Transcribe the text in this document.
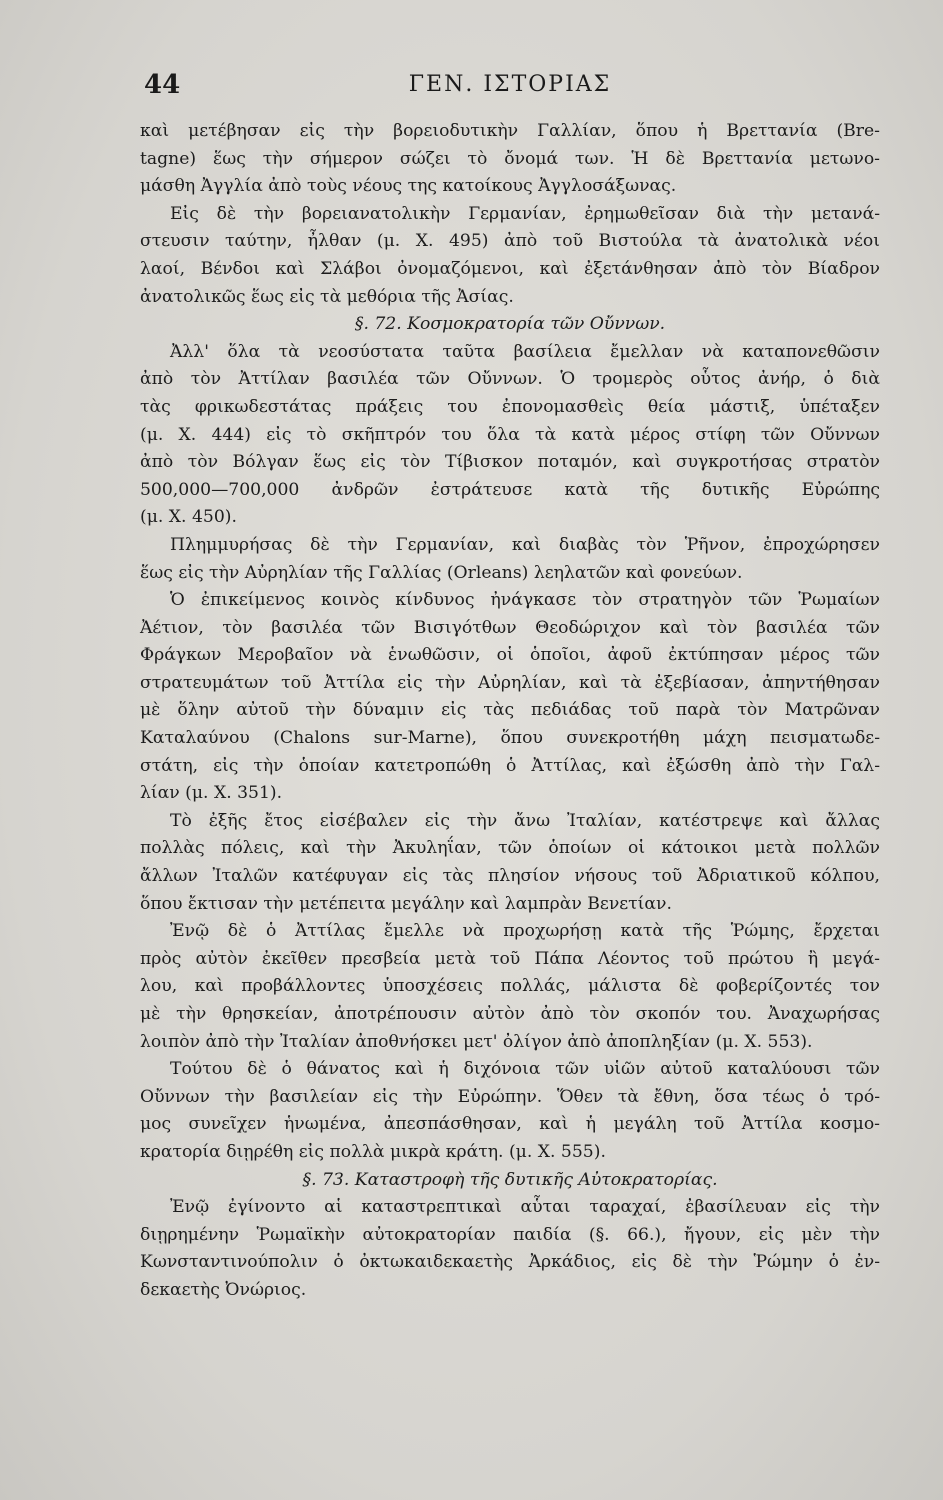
44	ΓΕΝ. ΙΣΤΟΡΙΑΣ
καὶ μετέβησαν εἰς τὴν βορειοδυτικὴν Γαλλίαν, ὅπου ἡ Βρεττανία (Bre-
tagne) ἕως τὴν σήμερον σώζει τὸ ὄνομά των. Ἡ δὲ Βρεττανία μετωνο-
μάσθη Ἀγγλία ἀπὸ τοὺς νέους της κατοίκους Ἀγγλοσάξωνας.
Εἰς δὲ τὴν βορειανατολικὴν Γερμανίαν, ἐρημωθεῖσαν διὰ τὴν μετανά-
στευσιν ταύτην, ἦλθαν (μ. Χ. 495) ἀπὸ τοῦ Βιστούλα τὰ ἀνατολικὰ νέοι
λαοί, Βένδοι καὶ Σλάβοι ὀνομαζόμενοι, καὶ ἐξετάνθησαν ἀπὸ τὸν Βίαδρον
ἀνατολικῶς ἕως εἰς τὰ μεθόρια τῆς Ἀσίας.
§. 72. Κοσμοκρατορία τῶν Οὔννων.
Ἀλλ' ὅλα τὰ νεοσύστατα ταῦτα βασίλεια ἔμελλαν νὰ καταπονεθῶσιν
ἀπὸ τὸν Ἀττίλαν βασιλέα τῶν Οὔννων. Ὁ τρομερὸς οὗτος ἀνήρ, ὁ διὰ
τὰς φρικωδεστάτας πράξεις του ἐπονομασθεὶς θεία μάστιξ, ὑπέταξεν
(μ. Χ. 444) εἰς τὸ σκῆπτρόν του ὅλα τὰ κατὰ μέρος στίφη τῶν Οὔννων
ἀπὸ τὸν Βόλγαν ἕως εἰς τὸν Τίβισκον ποταμόν, καὶ συγκροτήσας στρατὸν
500,000—700,000 ἀνδρῶν ἐστράτευσε κατὰ τῆς δυτικῆς Εὐρώπης
(μ. Χ. 450).
Πλημμυρήσας δὲ τὴν Γερμανίαν, καὶ διαβὰς τὸν Ῥῆνον, ἐπροχώρησεν
ἕως εἰς τὴν Αὐρηλίαν τῆς Γαλλίας (Orleans) λεηλατῶν καὶ φονεύων.
Ὁ ἐπικείμενος κοινὸς κίνδυνος ἠνάγκασε τὸν στρατηγὸν τῶν Ῥωμαίων
Ἀέτιον, τὸν βασιλέα τῶν Βισιγότθων Θεοδώριχον καὶ τὸν βασιλέα τῶν
Φράγκων Μεροβαῖον νὰ ἑνωθῶσιν, οἱ ὁποῖοι, ἀφοῦ ἐκτύπησαν μέρος τῶν
στρατευμάτων τοῦ Ἀττίλα εἰς τὴν Αὐρηλίαν, καὶ τὰ ἐξεβίασαν, ἀπηντήθησαν
μὲ ὅλην αὐτοῦ τὴν δύναμιν εἰς τὰς πεδιάδας τοῦ παρὰ τὸν Ματρῶναν
Καταλαύνου (Chalons sur-Marne), ὅπου συνεκροτήθη μάχη πεισματωδε-
στάτη, εἰς τὴν ὁποίαν κατετροπώθη ὁ Ἀττίλας, καὶ ἐξώσθη ἀπὸ τὴν Γαλ-
λίαν (μ. Χ. 351).
Τὸ ἐξῆς ἔτος εἰσέβαλεν εἰς τὴν ἄνω Ἰταλίαν, κατέστρεψε καὶ ἄλλας
πολλὰς πόλεις, καὶ τὴν Ἀκυληΐαν, τῶν ὁποίων οἱ κάτοικοι μετὰ πολλῶν
ἄλλων Ἰταλῶν κατέφυγαν εἰς τὰς πλησίον νήσους τοῦ Ἀδριατικοῦ κόλπου,
ὅπου ἔκτισαν τὴν μετέπειτα μεγάλην καὶ λαμπρὰν Βενετίαν.
Ἐνῷ δὲ ὁ Ἀττίλας ἔμελλε νὰ προχωρήσῃ κατὰ τῆς Ῥώμης, ἔρχεται
πρὸς αὐτὸν ἐκεῖθεν πρεσβεία μετὰ τοῦ Πάπα Λέοντος τοῦ πρώτου ἢ μεγά-
λου, καὶ προβάλλοντες ὑποσχέσεις πολλάς, μάλιστα δὲ φοβερίζοντές τον
μὲ τὴν θρησκείαν, ἀποτρέπουσιν αὐτὸν ἀπὸ τὸν σκοπόν του. Ἀναχωρήσας
λοιπὸν ἀπὸ τὴν Ἰταλίαν ἀποθνήσκει μετ' ὀλίγον ἀπὸ ἀποπληξίαν (μ. Χ. 553).
Τούτου δὲ ὁ θάνατος καὶ ἡ διχόνοια τῶν υἱῶν αὐτοῦ καταλύουσι τῶν
Οὔννων τὴν βασιλείαν εἰς τὴν Εὐρώπην. Ὅθεν τὰ ἔθνη, ὅσα τέως ὁ τρό-
μος συνεῖχεν ἡνωμένα, ἀπεσπάσθησαν, καὶ ἡ μεγάλη τοῦ Ἀττίλα κοσμο-
κρατορία διῃρέθη εἰς πολλὰ μικρὰ κράτη. (μ. Χ. 555).
§. 73. Καταστροφὴ τῆς δυτικῆς Αὐτοκρατορίας.
Ἐνῷ ἐγίνοντο αἱ καταστρεπτικαὶ αὗται ταραχαί, ἐβασίλευαν εἰς τὴν
διῃρημένην Ῥωμαϊκὴν αὐτοκρατορίαν παιδία (§. 66.), ἤγουν, εἰς μὲν τὴν
Κωνσταντινούπολιν ὁ ὀκτωκαιδεκαετὴς Ἀρκάδιος, εἰς δὲ τὴν Ῥώμην ὁ ἐν-
δεκαετὴς Ὀνώριος.
